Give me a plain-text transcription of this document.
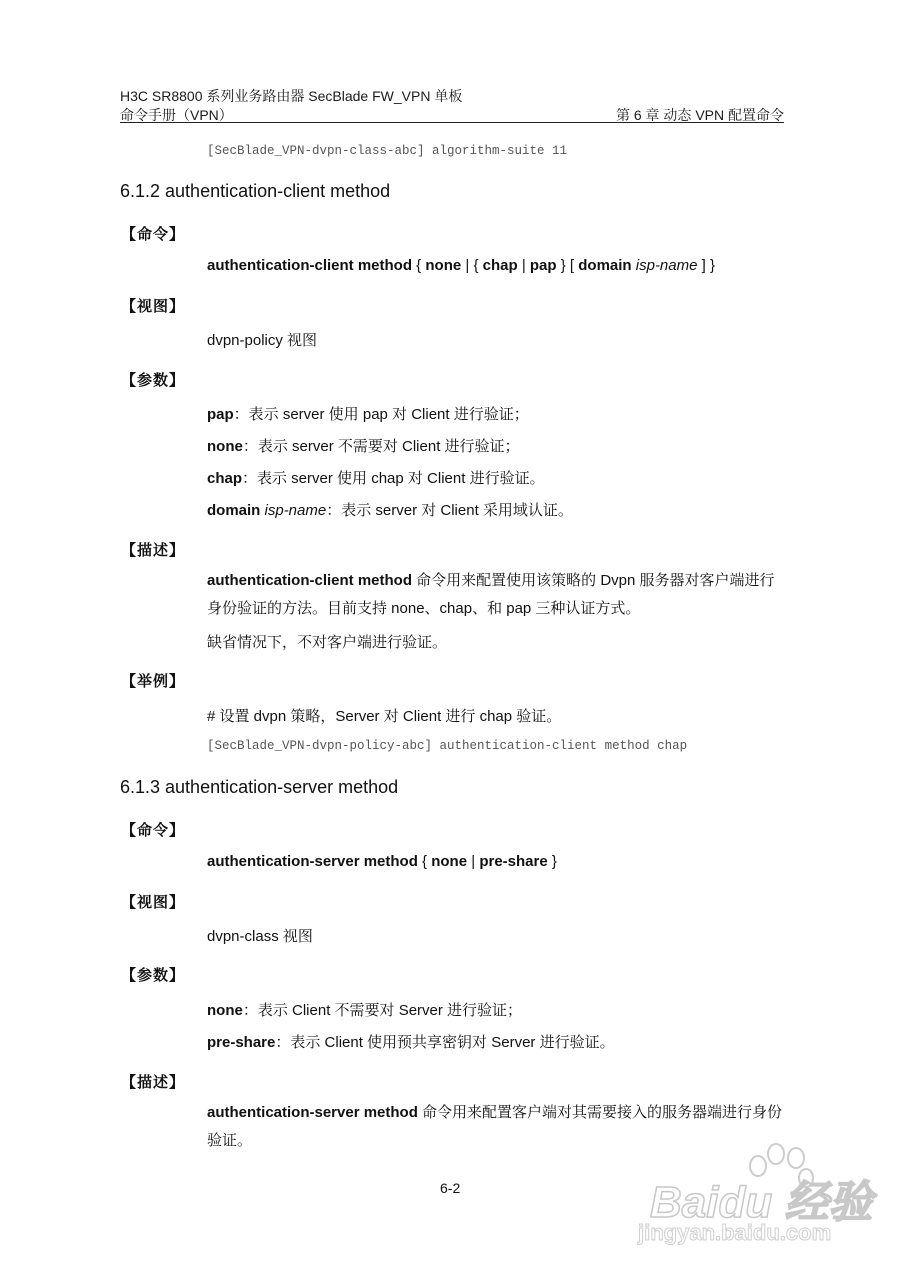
H3C SR8800 系列业务路由器 SecBlade FW_VPN 单板
命令手册（VPN）	第 6 章 动态 VPN 配置命令
[SecBlade_VPN-dvpn-class-abc] algorithm-suite 11
6.1.2 authentication-client method
【命令】
authentication-client method { none | { chap | pap } [ domain isp-name ] }
【视图】
dvpn-policy 视图
【参数】
pap：表示 server 使用 pap 对 Client 进行验证；
none：表示 server 不需要对 Client 进行验证；
chap：表示 server 使用 chap 对 Client 进行验证。
domain isp-name：表示 server 对 Client 采用域认证。
【描述】
authentication-client method 命令用来配置使用该策略的 Dvpn 服务器对客户端进行身份验证的方法。目前支持 none、chap、和 pap 三种认证方式。
缺省情况下，不对客户端进行验证。
【举例】
# 设置 dvpn 策略，Server 对 Client 进行 chap 验证。
[SecBlade_VPN-dvpn-policy-abc] authentication-client method chap
6.1.3 authentication-server method
【命令】
authentication-server method { none | pre-share }
【视图】
dvpn-class 视图
【参数】
none：表示 Client 不需要对 Server 进行验证；
pre-share：表示 Client 使用预共享密钥对 Server 进行验证。
【描述】
authentication-server method 命令用来配置客户端对其需要接入的服务器端进行身份验证。
6-2	Baidu 经验
jingyan.baidu.com
